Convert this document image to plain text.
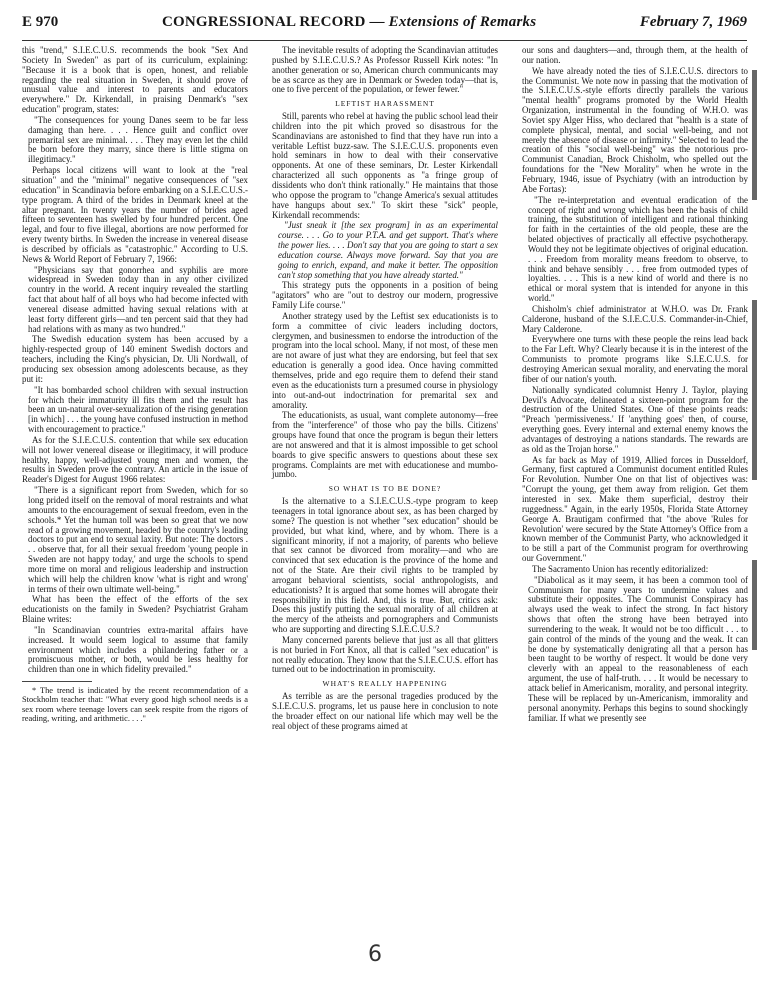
E 970	CONGRESSIONAL RECORD — Extensions of Remarks	February 7, 1969

this "trend," S.I.E.C.U.S. recommends the book "Sex And Society In Sweden" as part of its curriculum, explaining: "Because it is a book that is open, honest, and reliable regarding the real situation in Sweden, it should prove of unusual value and interest to parents and educators everywhere." Dr. Kirkendall, in praising Denmark's "sex education" program, states:

"The consequences for young Danes seem to be far less damaging than here. . . . Hence guilt and conflict over premarital sex are minimal. . . . They may even let the child be born before they marry, since there is little stigma on illegitimacy."

Perhaps local citizens will want to look at the "real situation" and the "minimal" negative consequences of "sex education" in Scandinavia before embarking on a S.I.E.C.U.S.-type program. A third of the brides in Denmark kneel at the altar pregnant. In twenty years the number of brides aged fifteen to seventeen has swelled by four hundred percent. One legal, and four to five illegal, abortions are now performed for every twenty births. In Sweden the increase in venereal disease is described by officials as "catastrophic." According to U.S. News & World Report of February 7, 1966:

"Physicians say that gonorrhea and syphilis are more widespread in Sweden today than in any other civilized country in the world. A recent inquiry revealed the startling fact that about half of all boys who had become infected with venereal disease admitted having sexual relations with at least forty different girls—and ten percent said that they had had relations with as many as two hundred."

The Swedish education system has been accused by a highly-respected group of 140 eminent Swedish doctors and teachers, including the King's physician, Dr. Uli Nordwall, of producing sex obsession among adolescents because, as they put it:

"It has bombarded school children with sexual instruction for which their immaturity ill fits them and the result has been an un-natural over-sexualization of the rising generation [in which] . . . the young have confused instruction in method with encouragement to practice."

As for the S.I.E.C.U.S. contention that while sex education will not lower venereal disease or illegitimacy, it will produce healthy, happy, well-adjusted young men and women, the results in Sweden prove the contrary. An article in the issue of Reader's Digest for August 1966 relates:

"There is a significant report from Sweden, which for so long prided itself on the removal of moral restraints and what amounts to the encouragement of sexual freedom, even in the schools.* Yet the human toll was been so great that we now read of a growing movement, headed by the country's leading doctors to put an end to sexual laxity. But note: The doctors . . . observe that, for all their sexual freedom 'young people in Sweden are not happy today,' and urge the schools to spend more time on moral and religious leadership and instruction which will help the children know 'what is right and wrong' in terms of their own ultimate well-being."

What has been the effect of the efforts of the sex educationists on the family in Sweden? Psychiatrist Graham Blaine writes:

"In Scandinavian countries extra-marital affairs have increased. It would seem logical to assume that family environment which includes a philandering father or a promiscuous mother, or both, would be less healthy for children than one in which fidelity prevailed."

* The trend is indicated by the recent recommendation of a Stockholm teacher that: "What every good high school needs is a sex room where teenage lovers can seek respite from the rigors of reading, writing, and arithmetic. . . ."

The inevitable results of adopting the Scandinavian attitudes pushed by S.I.E.C.U.S.? As Professor Russell Kirk notes: "In another generation or so, American church communicants may be as scarce as they are in Denmark or Sweden today—that is, one to five percent of the population, or fewer fewer."

LEFTIST HARASSMENT

Still, parents who rebel at having the public school lead their children into the pit which proved so disastrous for the Scandinavians are astonished to find that they have run into a veritable Leftist buzz-saw. The S.I.E.C.U.S. proponents even hold seminars in how to deal with their conservative opponents. At one of these seminars, Dr. Lester Kirkendall characterized all such opponents as "a fringe group of dissidents who don't think rationally." He maintains that those who oppose the program to "change America's sexual attitudes have hangups about sex." To skirt these "sick" people, Kirkendall recommends:

"Just sneak it [the sex program] in as an experimental course. . . . Go to your P.T.A. and get support. That's where the power lies. . . . Don't say that you are going to start a sex education course. Always move forward. Say that you are going to enrich, expand, and make it better. The opposition can't stop something that you have already started."

This strategy puts the opponents in a position of being "agitators" who are "out to destroy our modern, progressive Family Life course."

Another strategy used by the Leftist sex educationists is to form a committee of civic leaders including doctors, clergymen, and businessmen to endorse the introduction of the program into the local school. Many, if not most, of these men are not aware of just what they are endorsing, but feel that sex education is generally a good idea. Once having committed themselves, pride and ego require them to defend their stand even as the educationists turn a presumed course in physiology into out-and-out indoctrination for premarital sex and amorality.

The educationists, as usual, want complete autonomy—free from the "interference" of those who pay the bills. Citizens' groups have found that once the program is begun their letters are not answered and that it is almost impossible to get school boards to give specific answers to questions about these sex programs. Complaints are met with educationese and mumbo-jumbo.

SO WHAT IS TO BE DONE?

Is the alternative to a S.I.E.C.U.S.-type program to keep teenagers in total ignorance about sex, as has been charged by some? The question is not whether "sex education" should be provided, but what kind, where, and by whom. There is a significant minority, if not a majority, of parents who believe that sex cannot be divorced from morality—and who are convinced that sex education is the province of the home and not of the State. Are their civil rights to be trampled by arrogant behavioral scientists, social anthropologists, and educationists? It is argued that some homes will abrogate their responsibility in this field. And, this is true. But, critics ask: Does this justify putting the sexual morality of all children at the mercy of the atheists and pornographers and Communists who are supporting and directing S.I.E.C.U.S.?

Many concerned parents believe that just as all that glitters is not buried in Fort Knox, all that is called "sex education" is not really education. They know that the S.I.E.C.U.S. effort has turned out to be indoctrination in promiscuity.

WHAT'S REALLY HAPPENING

As terrible as are the personal tragedies produced by the S.I.E.C.U.S. programs, let us pause here in conclusion to note the broader effect on our national life which may well be the real object of these programs aimed at

our sons and daughters—and, through them, at the health of our nation.

We have already noted the ties of S.I.E.C.U.S. directors to the Communist. We note now in passing that the motivation of the S.I.E.C.U.S.-style efforts directly parallels the various "mental health" programs promoted by the World Health Organization, instrumental in the founding of W.H.O. was Soviet spy Alger Hiss, who declared that "health is a state of complete physical, mental, and social well-being, and not merely the absence of disease or infirmity." Selected to lead the creation of this "social well-being" was the notorious pro-Communist Canadian, Brock Chisholm, who spelled out the foundations for the "New Morality" when he wrote in the February, 1946, issue of Psychiatry (with an introduction by Abe Fortas):

"The re-interpretation and eventual eradication of the concept of right and wrong which has been the basis of child training, the substitution of intelligent and rational thinking for faith in the certainties of the old people, these are the belated objectives of practically all effective psychotherapy. Would they not be legitimate objectives of original education. . . . Freedom from morality means freedom to observe, to think and behave sensibly . . . free from outmoded types of loyalties. . . . This is a new kind of world and there is no ethical or moral system that is intended for anyone in this world."

Chisholm's chief administrator at W.H.O. was Dr. Frank Calderone, husband of the S.I.E.C.U.S. Commander-in-Chief, Mary Calderone.

Everywhere one turns with these people the reins lead back to the Far Left. Why? Clearly because it is in the interest of the Communists to promote programs like S.I.E.C.U.S. for destroying American sexual morality, and enervating the moral fiber of our nation's youth.

Nationally syndicated columnist Henry J. Taylor, playing Devil's Advocate, delineated a sixteen-point program for the destruction of the United States. One of these points reads: "Preach 'permissiveness.' If 'anything goes' then, of course, everything goes. Every internal and external enemy knows the advantages of destroying a nations standards. The rewards are as old as the Trojan horse."

As far back as May of 1919, Allied forces in Dusseldorf, Germany, first captured a Communist document entitled Rules For Revolution. Number One on that list of objectives was: "Corrupt the young, get them away from religion. Get them interested in sex. Make them superficial, destroy their ruggedness." Again, in the early 1950s, Florida State Attorney George A. Brautigam confirmed that "the above 'Rules for Revolution' were secured by the State Attorney's Office from a known member of the Communist Party, who acknowledged it to be still a part of the Communist program for overthrowing our Government."

The Sacramento Union has recently editorialized:

"Diabolical as it may seem, it has been a common tool of Communism for many years to undermine values and substitute their opposites. The Communist Conspiracy has always used the weak to infect the strong. In fact history shows that often the strong have been betrayed into surrendering to the weak. It would not be too difficult . . . to gain control of the minds of the young and the weak. It can be done by systematically denigrating all that a person has been taught to be worthy of respect. It would be done very cleverly with an appeal to the reasonableness of each argument, the use of half-truth. . . . It would be necessary to attack belief in Americanism, morality, and personal integrity. These will be replaced by un-Americanism, immorality and personal anonymity. Perhaps this begins to sound shockingly familiar. If what we presently see

6
